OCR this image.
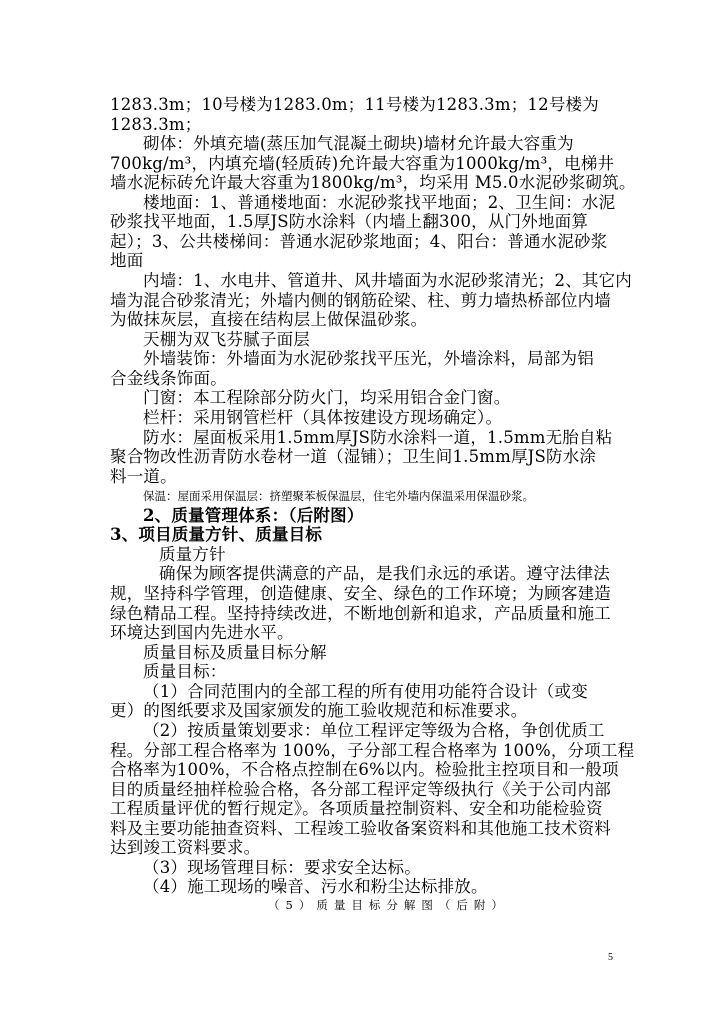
1283.3m；10号楼为1283.0m；11号楼为1283.3m；12号楼为
1283.3m；
砌体：外填充墙(蒸压加气混凝土砌块)墙材允许最大容重为
700kg/m³，内填充墙(轻质砖)允许最大容重为1000kg/m³，电梯井
墙水泥标砖允许最大容重为1800kg/m³，均采用 M5.0水泥砂浆砌筑。
楼地面：1、普通楼地面：水泥砂浆找平地面；2、卫生间：水泥
砂浆找平地面，1.5厚JS防水涂料（内墙上翻300，从门外地面算
起）；3、公共楼梯间：普通水泥砂浆地面；4、阳台：普通水泥砂浆
地面
内墙：1、水电井、管道井、风井墙面为水泥砂浆清光；2、其它内
墙为混合砂浆清光；外墙内侧的钢筋砼梁、柱、剪力墙热桥部位内墙
为做抹灰层，直接在结构层上做保温砂浆。
天棚为双飞芬腻子面层
外墙装饰：外墙面为水泥砂浆找平压光，外墙涂料，局部为铝
合金线条饰面。
门窗：本工程除部分防火门，均采用铝合金门窗。
栏杆：采用钢管栏杆（具体按建设方现场确定）。
防水：屋面板采用1.5mm厚JS防水涂料一道，1.5mm无胎自粘
聚合物改性沥青防水卷材一道（湿铺）；卫生间1.5mm厚JS防水涂
料一道。
保温：屋面采用保温层：挤塑聚苯板保温层，住宅外墙内保温采用保温砂浆。
2、质量管理体系：（后附图）
3、项目质量方针、质量目标
质量方针
确保为顾客提供满意的产品，是我们永远的承诺。遵守法律法
规，坚持科学管理，创造健康、安全、绿色的工作环境；为顾客建造
绿色精品工程。坚持持续改进，不断地创新和追求，产品质量和施工
环境达到国内先进水平。
质量目标及质量目标分解
质量目标：
（1）合同范围内的全部工程的所有使用功能符合设计（或变
更）的图纸要求及国家颁发的施工验收规范和标准要求。
（2）按质量策划要求：单位工程评定等级为合格，争创优质工
程。分部工程合格率为 100%，子分部工程合格率为 100%，分项工程
合格率为100%，不合格点控制在6%以内。检验批主控项目和一般项
目的质量经抽样检验合格，各分部工程评定等级执行《关于公司内部
工程质量评优的暂行规定》。各项质量控制资料、安全和功能检验资
料及主要功能抽查资料、工程竣工验收备案资料和其他施工技术资料
达到竣工资料要求。
（3）现场管理目标：要求安全达标。
（4）施工现场的噪音、污水和粉尘达标排放。
（5）质量目标分解图（后附）
5
